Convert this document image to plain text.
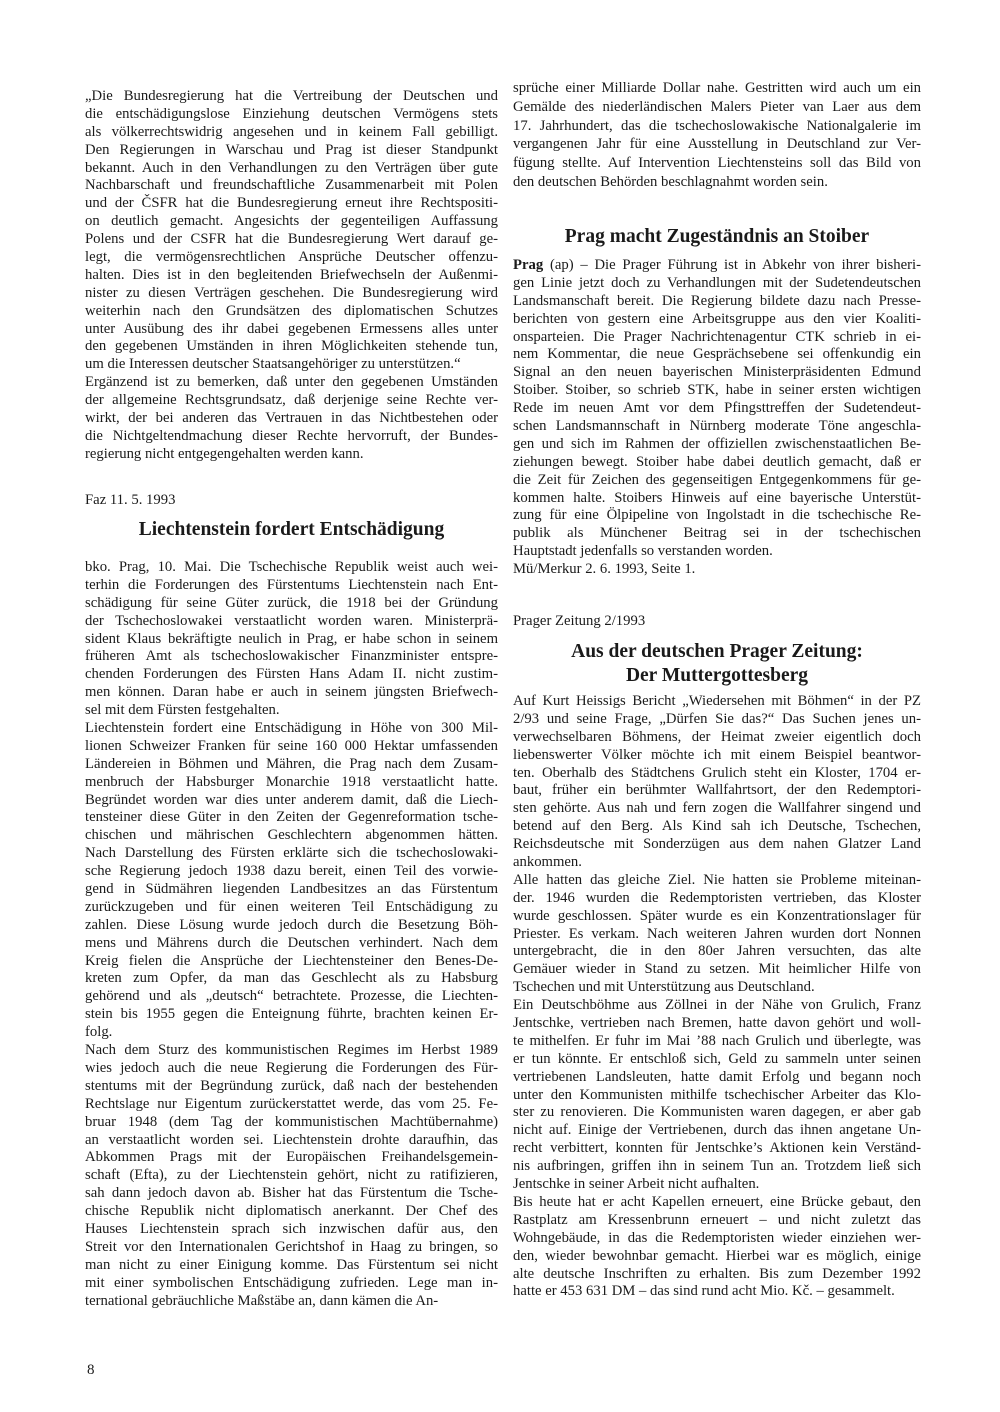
„Die Bundesregierung hat die Vertreibung der Deutschen und
die entschädigungslose Einziehung deutschen Vermögens stets
als völkerrechtswidrig angesehen und in keinem Fall gebilligt.
Den Regierungen in Warschau und Prag ist dieser Standpunkt
bekannt. Auch in den Verhandlungen zu den Verträgen über gute
Nachbarschaft und freundschaftliche Zusammenarbeit mit Polen
und der ČSFR hat die Bundesregierung erneut ihre Rechtspositi-
on deutlich gemacht. Angesichts der gegenteiligen Auffassung
Polens und der CSFR hat die Bundesregierung Wert darauf ge-
legt, die vermögensrechtlichen Ansprüche Deutscher offenzu-
halten. Dies ist in den begleitenden Briefwechseln der Außenmi-
nister zu diesen Verträgen geschehen. Die Bundesregierung wird
weiterhin nach den Grundsätzen des diplomatischen Schutzes
unter Ausübung des ihr dabei gegebenen Ermessens alles unter
den gegebenen Umständen in ihren Möglichkeiten stehende tun,
um die Interessen deutscher Staatsangehöriger zu unterstützen.“
Ergänzend ist zu bemerken, daß unter den gegebenen Umständen
der allgemeine Rechtsgrundsatz, daß derjenige seine Rechte ver-
wirkt, der bei anderen das Vertrauen in das Nichtbestehen oder
die Nichtgeltendmachung dieser Rechte hervorruft, der Bundes-
regierung nicht entgegengehalten werden kann.
Faz 11. 5. 1993
Liechtenstein fordert Entschädigung
bko. Prag, 10. Mai. Die Tschechische Republik weist auch wei-
terhin die Forderungen des Fürstentums Liechtenstein nach Ent-
schädigung für seine Güter zurück, die 1918 bei der Gründung
der Tschechoslowakei verstaatlicht worden waren. Ministerprä-
sident Klaus bekräftigte neulich in Prag, er habe schon in seinem
früheren Amt als tschechoslowakischer Finanzminister entspre-
chenden Forderungen des Fürsten Hans Adam II. nicht zustim-
men können. Daran habe er auch in seinem jüngsten Briefwech-
sel mit dem Fürsten festgehalten.
Liechtenstein fordert eine Entschädigung in Höhe von 300 Mil-
lionen Schweizer Franken für seine 160 000 Hektar umfassenden
Ländereien in Böhmen und Mähren, die Prag nach dem Zusam-
menbruch der Habsburger Monarchie 1918 verstaatlicht hatte.
Begründet worden war dies unter anderem damit, daß die Liech-
tensteiner diese Güter in den Zeiten der Gegenreformation tsche-
chischen und mährischen Geschlechtern abgenommen hätten.
Nach Darstellung des Fürsten erklärte sich die tschechoslowaki-
sche Regierung jedoch 1938 dazu bereit, einen Teil des vorwie-
gend in Südmähren liegenden Landbesitzes an das Fürstentum
zurückzugeben und für einen weiteren Teil Entschädigung zu
zahlen. Diese Lösung wurde jedoch durch die Besetzung Böh-
mens und Mährens durch die Deutschen verhindert. Nach dem
Kreig fielen die Ansprüche der Liechtensteiner den Benes-De-
kreten zum Opfer, da man das Geschlecht als zu Habsburg
gehörend und als „deutsch“ betrachtete. Prozesse, die Liechten-
stein bis 1955 gegen die Enteignung führte, brachten keinen Er-
folg.
Nach dem Sturz des kommunistischen Regimes im Herbst 1989
wies jedoch auch die neue Regierung die Forderungen des Für-
stentums mit der Begründung zurück, daß nach der bestehenden
Rechtslage nur Eigentum zurückerstattet werde, das vom 25. Fe-
bruar 1948 (dem Tag der kommunistischen Machtübernahme)
an verstaatlicht worden sei. Liechtenstein drohte daraufhin, das
Abkommen Prags mit der Europäischen Freihandelsgemein-
schaft (Efta), zu der Liechtenstein gehört, nicht zu ratifizieren,
sah dann jedoch davon ab. Bisher hat das Fürstentum die Tsche-
chische Republik nicht diplomatisch anerkannt. Der Chef des
Hauses Liechtenstein sprach sich inzwischen dafür aus, den
Streit vor den Internationalen Gerichtshof in Haag zu bringen, so
man nicht zu einer Einigung komme. Das Fürstentum sei nicht
mit einer symbolischen Entschädigung zufrieden. Lege man in-
ternational gebräuchliche Maßstäbe an, dann kämen die An-
sprüche einer Milliarde Dollar nahe. Gestritten wird auch um ein
Gemälde des niederländischen Malers Pieter van Laer aus dem
17. Jahrhundert, das die tschechoslowakische Nationalgalerie im
vergangenen Jahr für eine Ausstellung in Deutschland zur Ver-
fügung stellte. Auf Intervention Liechtensteins soll das Bild von
den deutschen Behörden beschlagnahmt worden sein.
Prag macht Zugeständnis an Stoiber
Prag (ap) – Die Prager Führung ist in Abkehr von ihrer bisheri-
gen Linie jetzt doch zu Verhandlungen mit der Sudetendeutschen
Landsmanschaft bereit. Die Regierung bildete dazu nach Presse-
berichten von gestern eine Arbeitsgruppe aus den vier Koaliti-
onsparteien. Die Prager Nachrichtenagentur CTK schrieb in ei-
nem Kommentar, die neue Gesprächsebene sei offenkundig ein
Signal an den neuen bayerischen Ministerpräsidenten Edmund
Stoiber. Stoiber, so schrieb STK, habe in seiner ersten wichtigen
Rede im neuen Amt vor dem Pfingsttreffen der Sudetendeut-
schen Landsmannschaft in Nürnberg moderate Töne angeschla-
gen und sich im Rahmen der offiziellen zwischenstaatlichen Be-
ziehungen bewegt. Stoiber habe dabei deutlich gemacht, daß er
die Zeit für Zeichen des gegenseitigen Entgegenkommens für ge-
kommen halte. Stoibers Hinweis auf eine bayerische Unterstüt-
zung für eine Ölpipeline von Ingolstadt in die tschechische Re-
publik als Münchener Beitrag sei in der tschechischen
Hauptstadt jedenfalls so verstanden worden.
Mü/Merkur 2. 6. 1993, Seite 1.
Prager Zeitung 2/1993
Aus der deutschen Prager Zeitung:
Der Muttergottesberg
Auf Kurt Heissigs Bericht „Wiedersehen mit Böhmen“ in der PZ
2/93 und seine Frage, „Dürfen Sie das?“ Das Suchen jenes un-
verwechselbaren Böhmens, der Heimat zweier eigentlich doch
liebenswerter Völker möchte ich mit einem Beispiel beantwor-
ten. Oberhalb des Städtchens Grulich steht ein Kloster, 1704 er-
baut, früher ein berühmter Wallfahrtsort, der den Redemptori-
sten gehörte. Aus nah und fern zogen die Wallfahrer singend und
betend auf den Berg. Als Kind sah ich Deutsche, Tschechen,
Reichsdeutsche mit Sonderzügen aus dem nahen Glatzer Land
ankommen.
Alle hatten das gleiche Ziel. Nie hatten sie Probleme miteinan-
der. 1946 wurden die Redemptoristen vertrieben, das Kloster
wurde geschlossen. Später wurde es ein Konzentrationslager für
Priester. Es verkam. Nach weiteren Jahren wurden dort Nonnen
untergebracht, die in den 80er Jahren versuchten, das alte
Gemäuer wieder in Stand zu setzen. Mit heimlicher Hilfe von
Tschechen und mit Unterstützung aus Deutschland.
Ein Deutschböhme aus Zöllnei in der Nähe von Grulich, Franz
Jentschke, vertrieben nach Bremen, hatte davon gehört und woll-
te mithelfen. Er fuhr im Mai ’88 nach Grulich und überlegte, was
er tun könnte. Er entschloß sich, Geld zu sammeln unter seinen
vertriebenen Landsleuten, hatte damit Erfolg und begann noch
unter den Kommunisten mithilfe tschechischer Arbeiter das Klo-
ster zu renovieren. Die Kommunisten waren dagegen, er aber gab
nicht auf. Einige der Vertriebenen, durch das ihnen angetane Un-
recht verbittert, konnten für Jentschke’s Aktionen kein Verständ-
nis aufbringen, griffen ihn in seinem Tun an. Trotzdem ließ sich
Jentschke in seiner Arbeit nicht aufhalten.
Bis heute hat er acht Kapellen erneuert, eine Brücke gebaut, den
Rastplatz am Kressenbrunn erneuert – und nicht zuletzt das
Wohngebäude, in das die Redemptoristen wieder einziehen wer-
den, wieder bewohnbar gemacht. Hierbei war es möglich, einige
alte deutsche Inschriften zu erhalten. Bis zum Dezember 1992
hatte er 453 631 DM – das sind rund acht Mio. Kč. – gesammelt.
8
